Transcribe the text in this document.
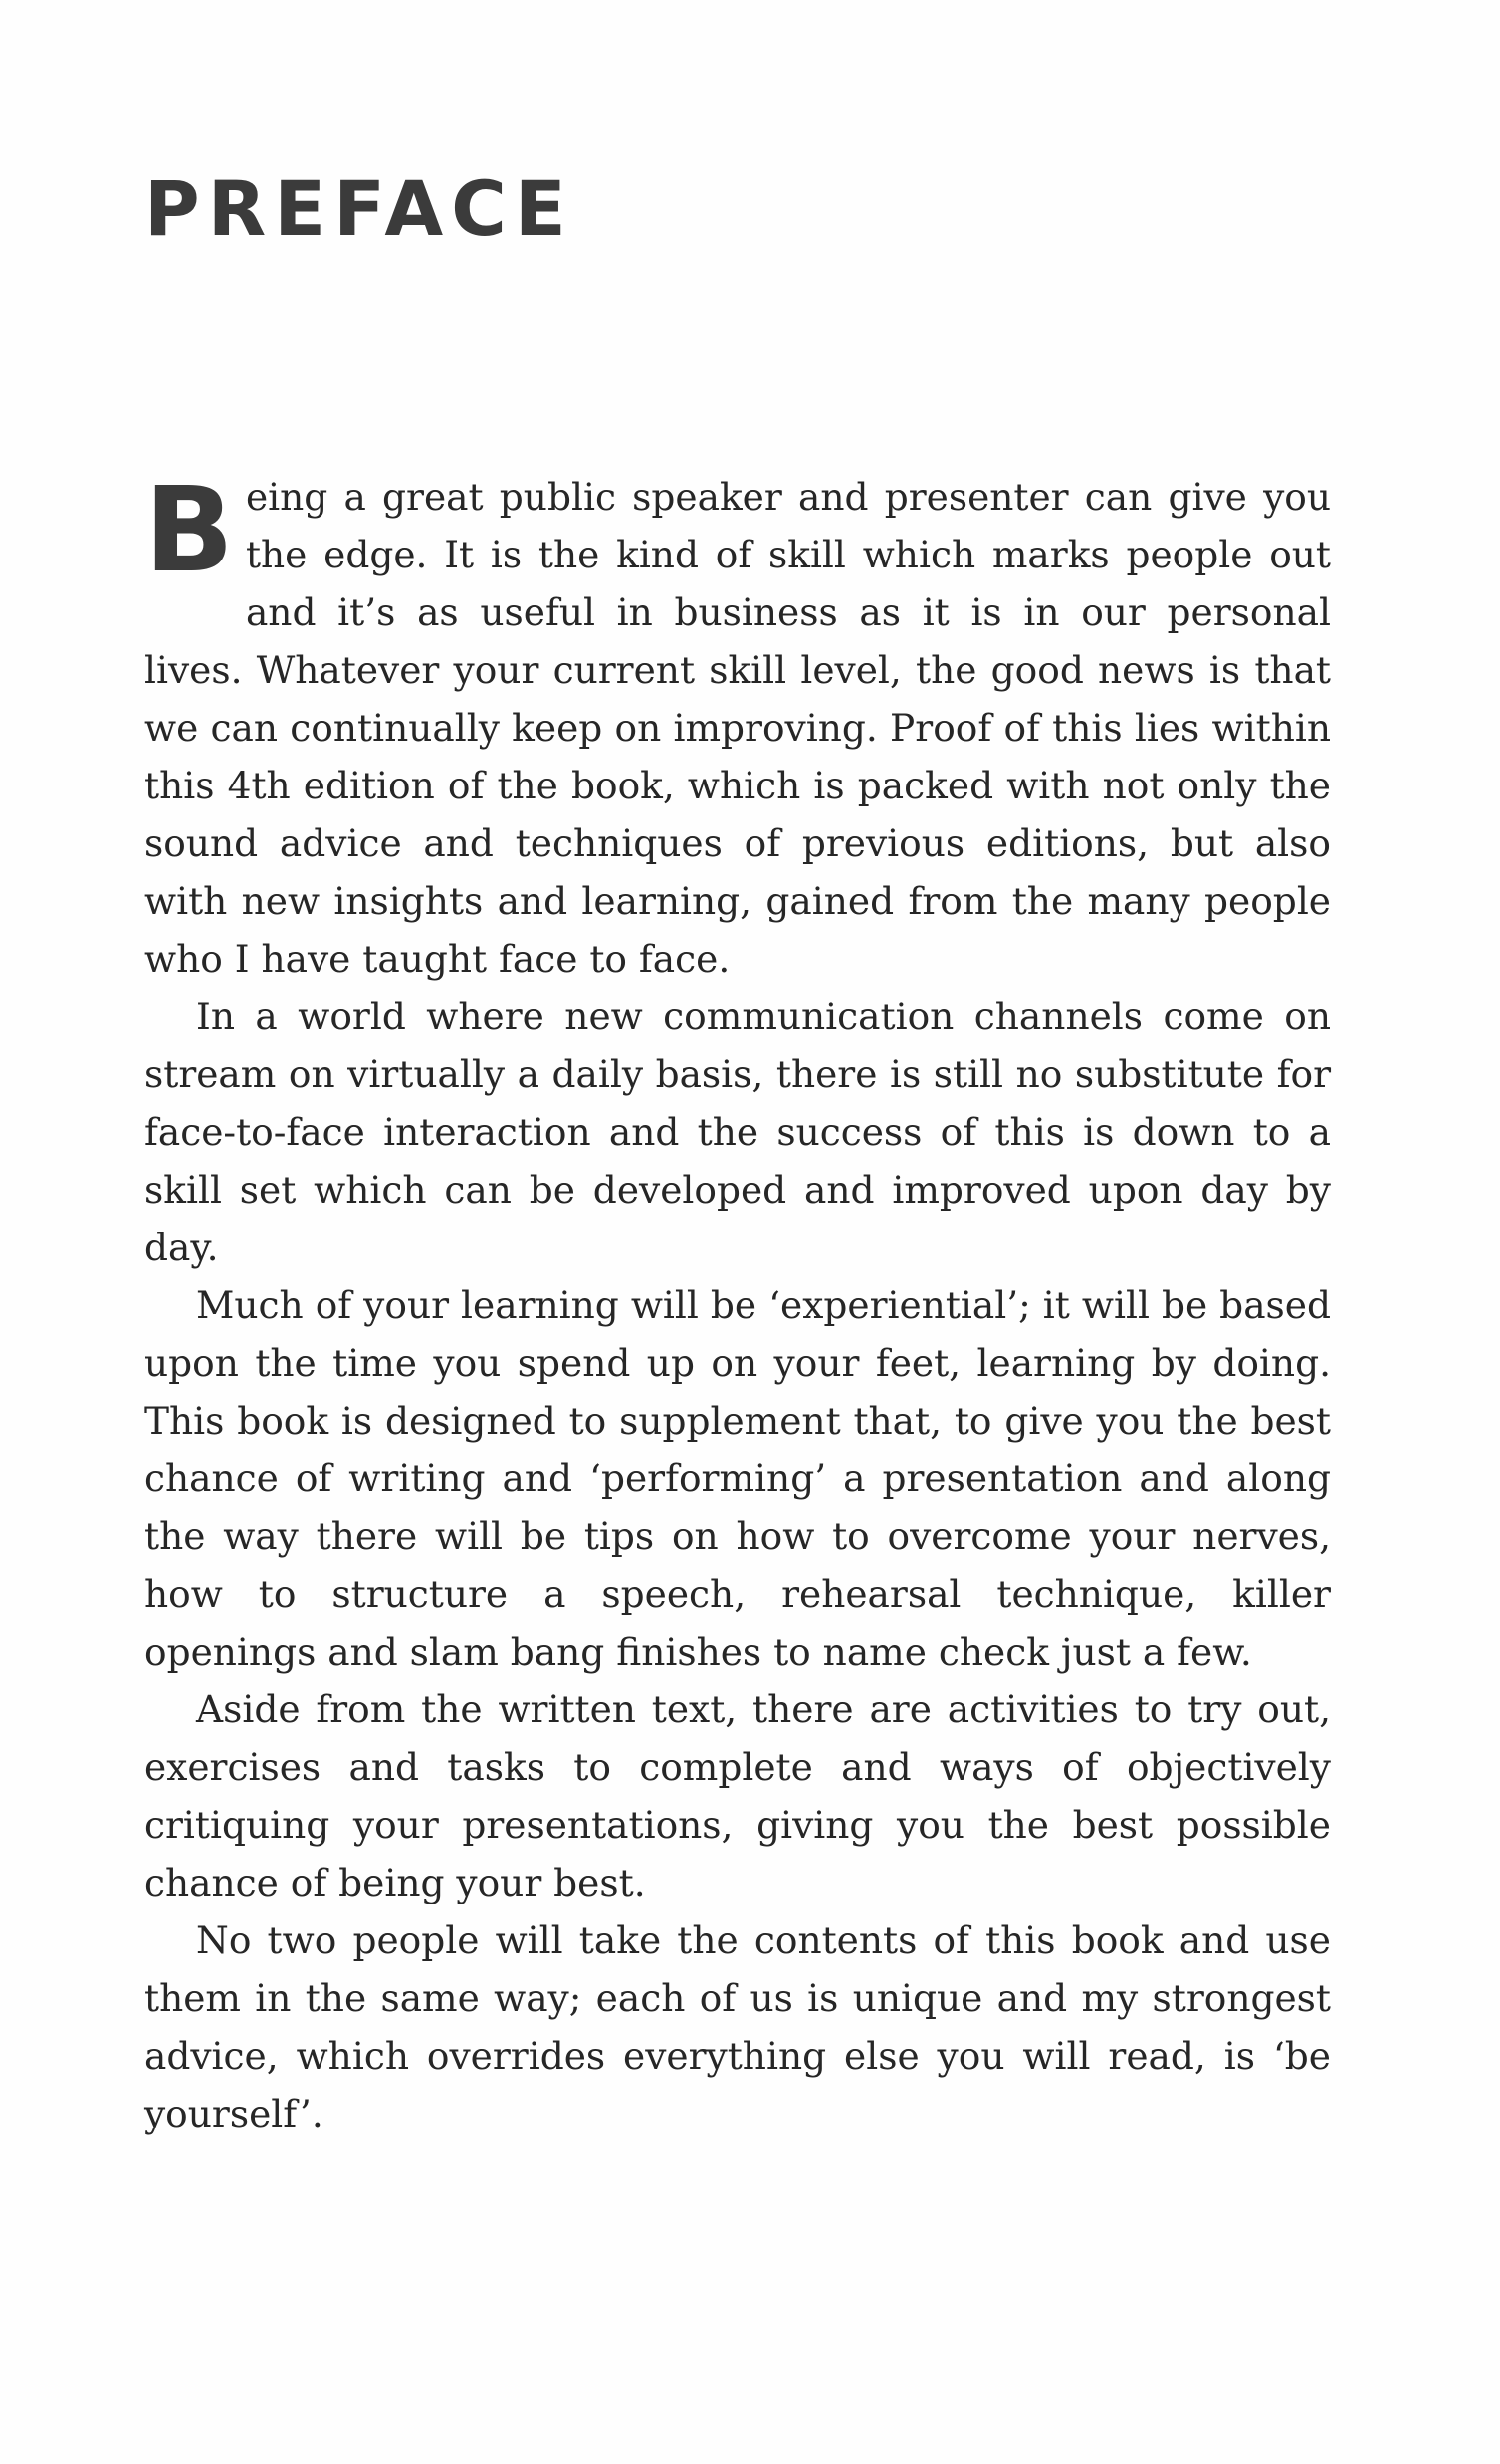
PREFACE

Being a great public speaker and presenter can give you the edge. It is the kind of skill which marks people out and it’s as useful in business as it is in our personal lives. Whatever your current skill level, the good news is that we can continually keep on improving. Proof of this lies within this 4th edition of the book, which is packed with not only the sound advice and techniques of previous editions, but also with new insights and learning, gained from the many people who I have taught face to face.

In a world where new communication channels come on stream on virtually a daily basis, there is still no substitute for face-to-face interaction and the success of this is down to a skill set which can be developed and improved upon day by day.

Much of your learning will be ‘experiential’; it will be based upon the time you spend up on your feet, learning by doing. This book is designed to supplement that, to give you the best chance of writing and ‘performing’ a presentation and along the way there will be tips on how to overcome your nerves, how to structure a speech, rehearsal technique, killer openings and slam bang finishes to name check just a few.

Aside from the written text, there are activities to try out, exercises and tasks to complete and ways of objectively critiquing your presentations, giving you the best possible chance of being your best.

No two people will take the contents of this book and use them in the same way; each of us is unique and my strongest advice, which overrides everything else you will read, is ‘be yourself’.
